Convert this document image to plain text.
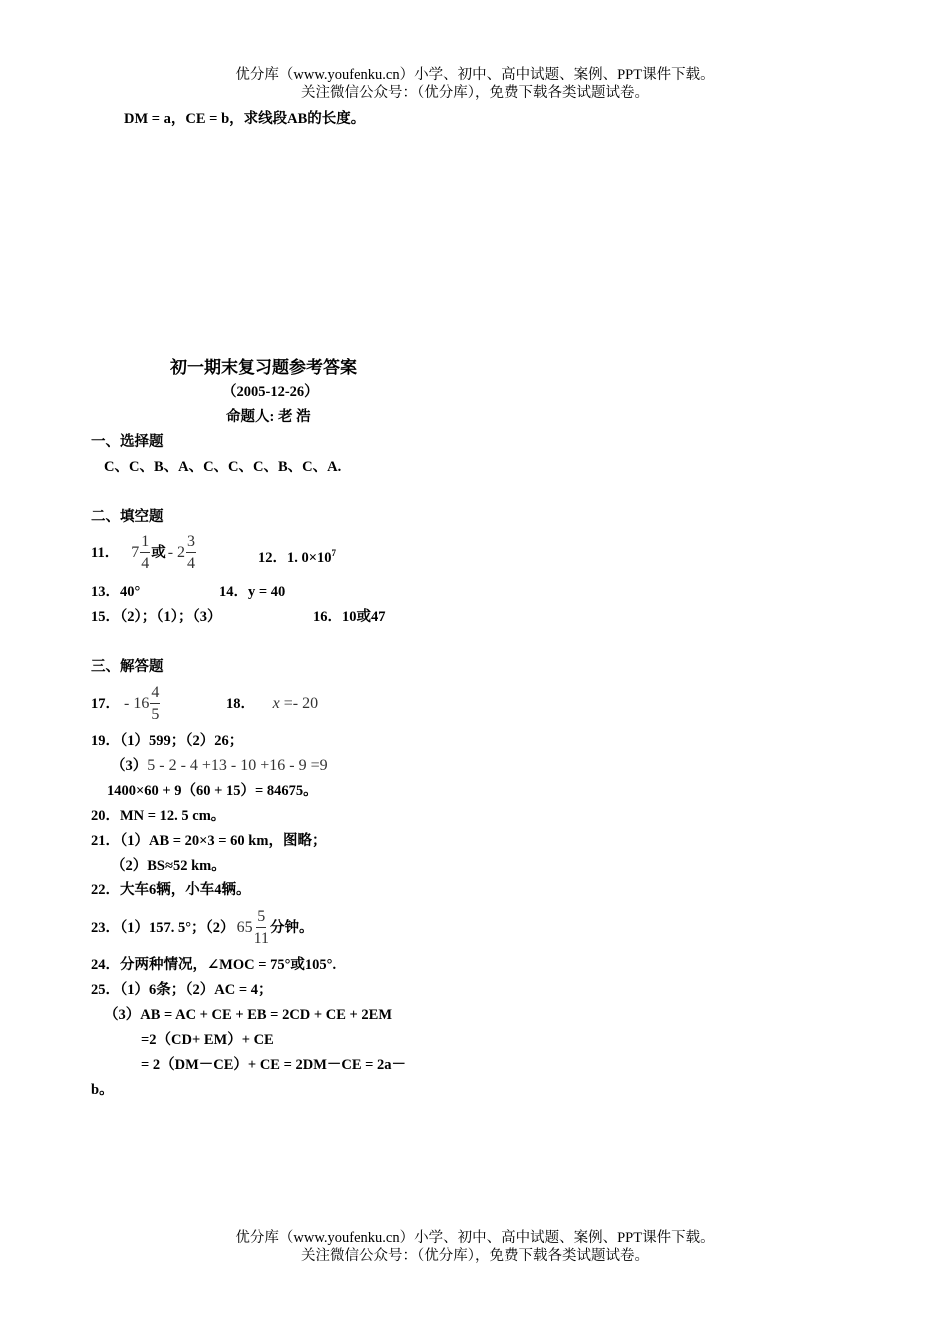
优分库（www.youfenku.cn）小学、初中、高中试题、案例、PPT课件下载。
关注微信公众号：（优分库），免费下载各类试题试卷。
DM = a，CE = b，求线段AB的长度。
初一期末复习题参考答案
（2005-12-26）
命题人: 老 浩
一、选择题
C、C、B、A、C、C、C、B、C、A.
二、填空题
11． $7 \frac{1}{4}$ 或 - $2 \frac{3}{4}$	12．1. $0\times 10^7$
13．40°	14．y = 40
15．（2）；（1）；（3）	16．10或47
三、解答题
17． - $16 \frac{4}{5}$	18． x =- 20
19．（1）599；（2）26；
（3）5 - 2 - 4 +13 - 10 +16 - 9 =9
1400×60 + 9（60 + 15）= 84675。
20．MN = 12. 5 cm。
21．（1）AB = 20×3 = 60 km，图略；
（2）BS≈52 km。
22．大车6辆，小车4辆。
23．（1）157. 5°；（2） $65 \frac{5}{11}$ 分钟。
24．分两种情况，∠MOC = 75°或105°.
25．（1）6条；（2）AC = 4；
（3）AB = AC + CE + EB = 2CD + CE + 2EM
=2（CD+ EM）+ CE
= 2（DM－CE）+ CE = 2DM－CE = 2a－
b。
优分库（www.youfenku.cn）小学、初中、高中试题、案例、PPT课件下载。
关注微信公众号：（优分库），免费下载各类试题试卷。
